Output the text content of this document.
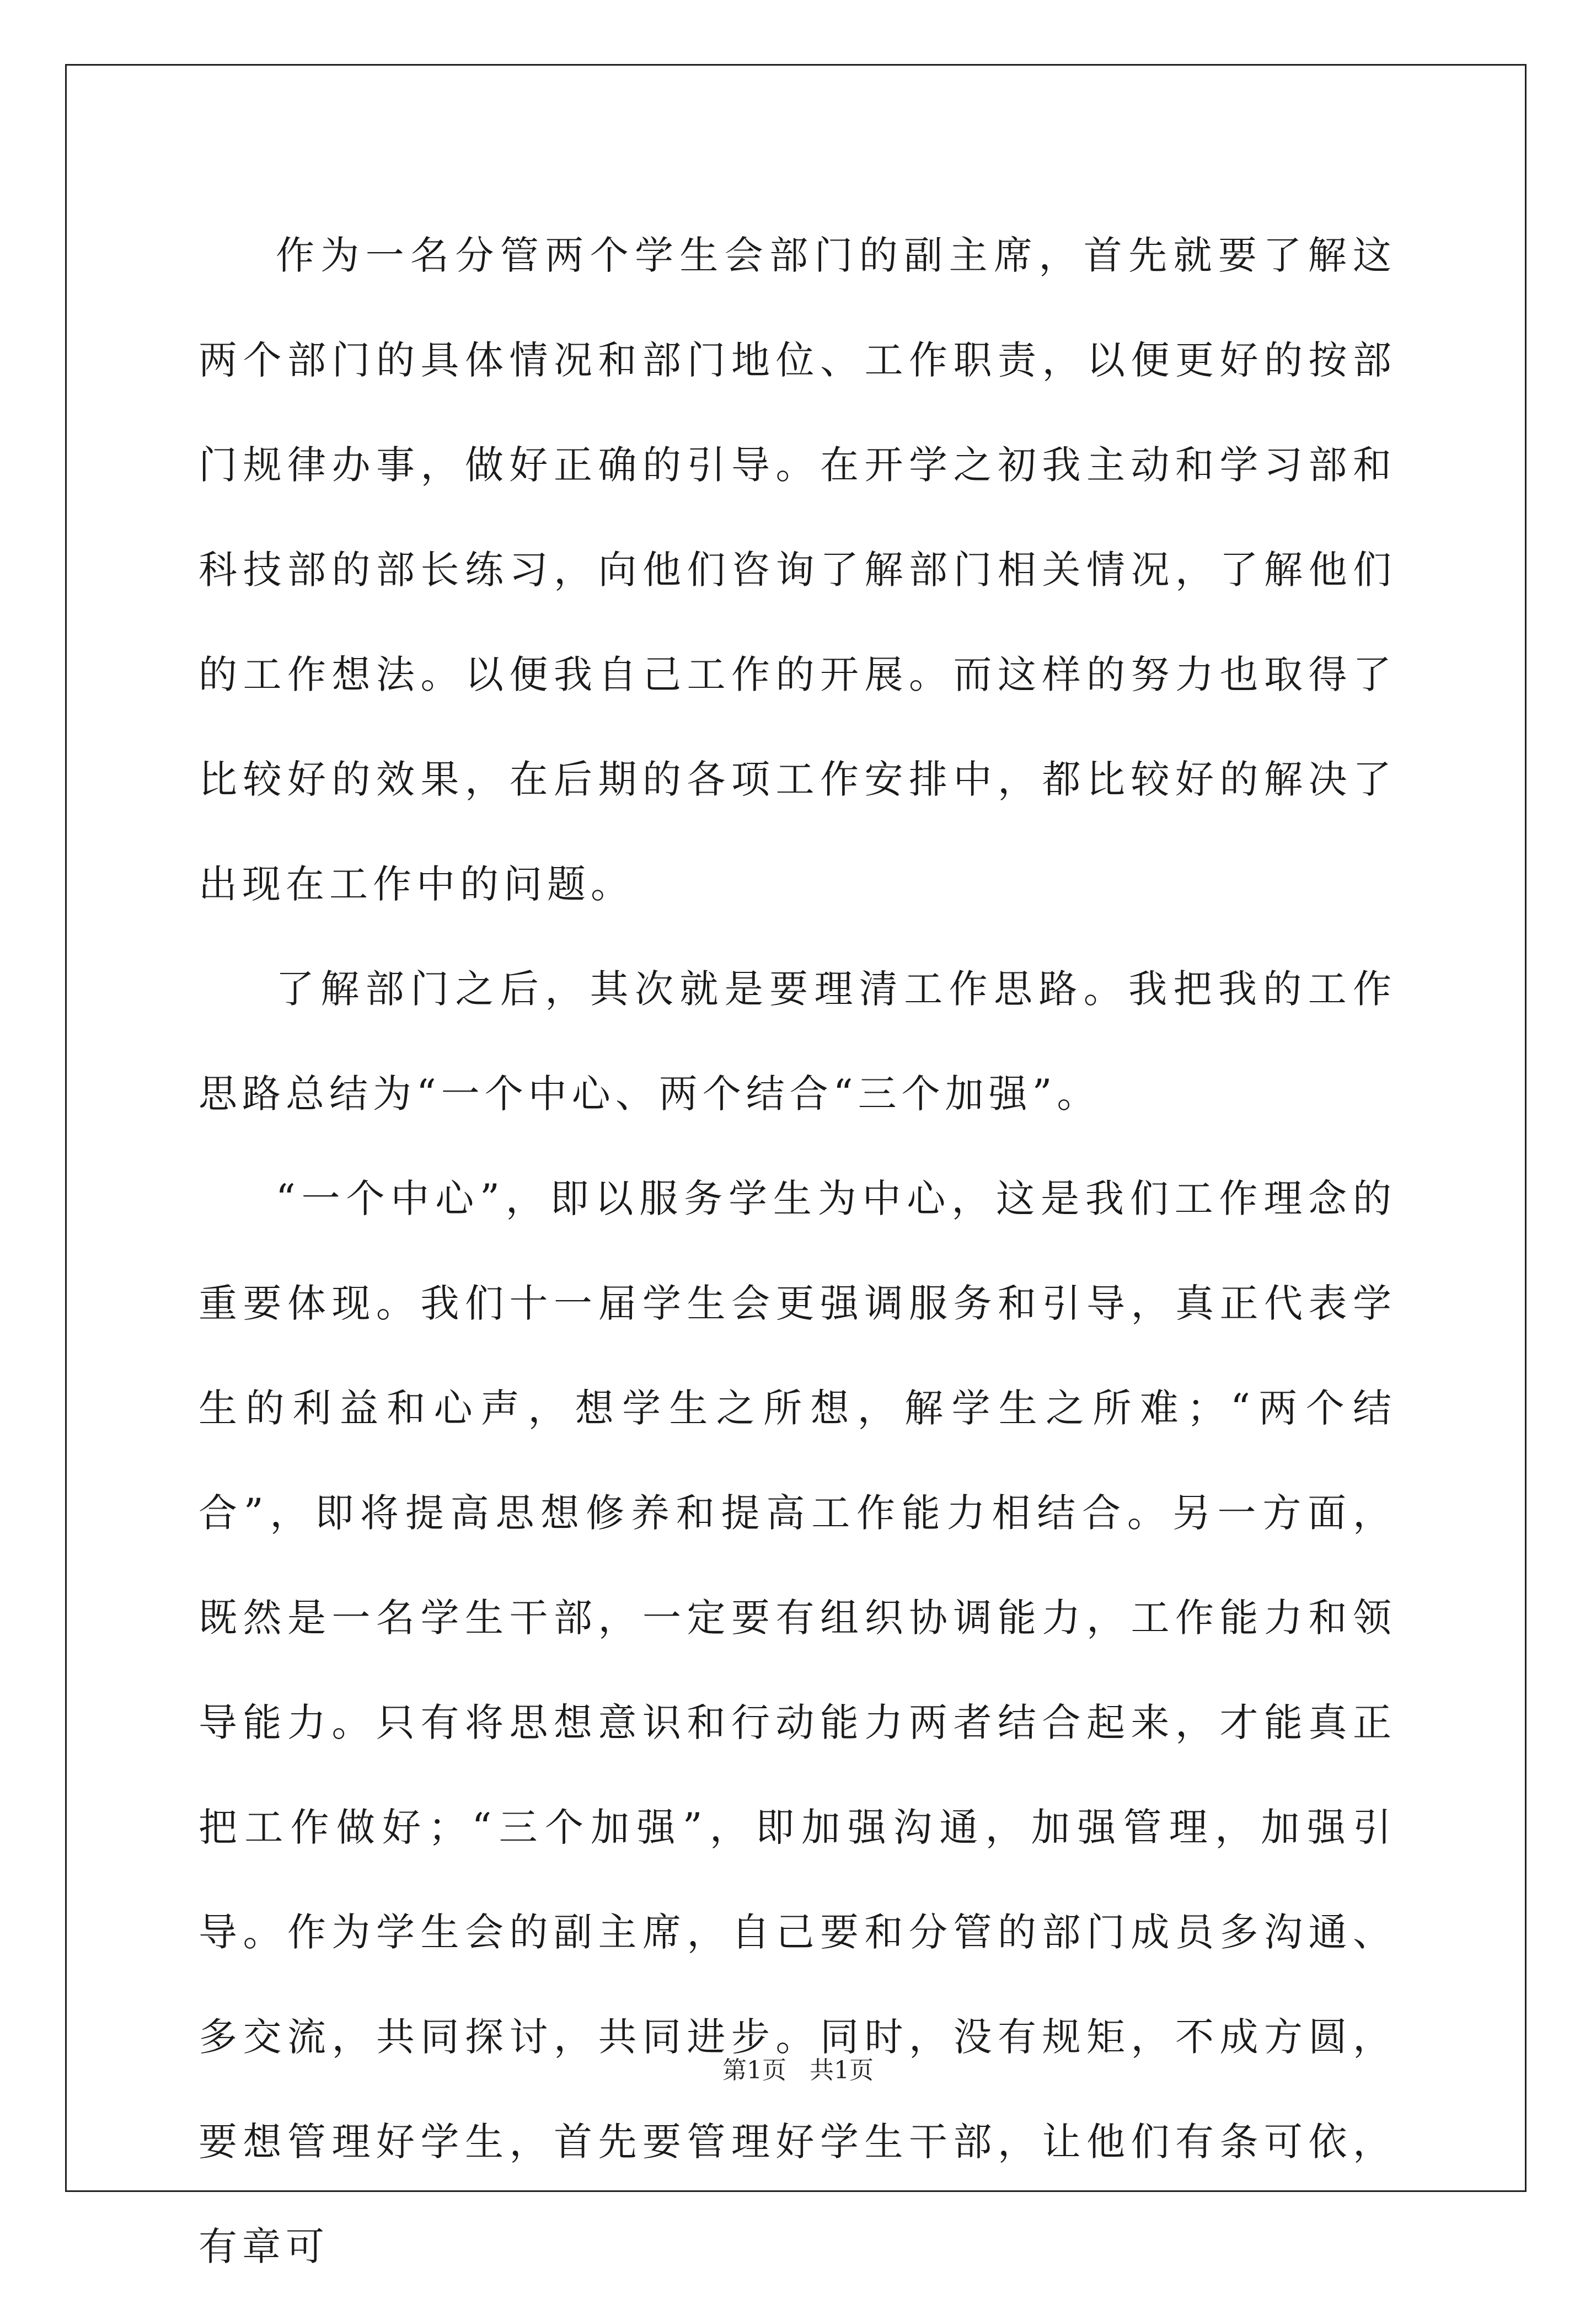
作为一名分管两个学生会部门的副主席，首先就要了解这两个部门的具体情况和部门地位、工作职责，以便更好的按部门规律办事，做好正确的引导。在开学之初我主动和学习部和科技部的部长练习，向他们咨询了解部门相关情况，了解他们的工作想法。以便我自己工作的开展。而这样的努力也取得了比较好的效果，在后期的各项工作安排中，都比较好的解决了出现在工作中的问题。

了解部门之后，其次就是要理清工作思路。我把我的工作思路总结为“一个中心、两个结合“三个加强”。

“一个中心”，即以服务学生为中心，这是我们工作理念的重要体现。我们十一届学生会更强调服务和引导，真正代表学生的利益和心声，想学生之所想，解学生之所难；“两个结合”，即将提高思想修养和提高工作能力相结合。另一方面，既然是一名学生干部，一定要有组织协调能力，工作能力和领导能力。只有将思想意识和行动能力两者结合起来，才能真正把工作做好；“三个加强”，即加强沟通，加强管理，加强引导。作为学生会的副主席，自己要和分管的部门成员多沟通、多交流，共同探讨，共同进步。同时，没有规矩，不成方圆，要想管理好学生，首先要管理好学生干部，让他们有条可依，有章可

第1页   共1页
